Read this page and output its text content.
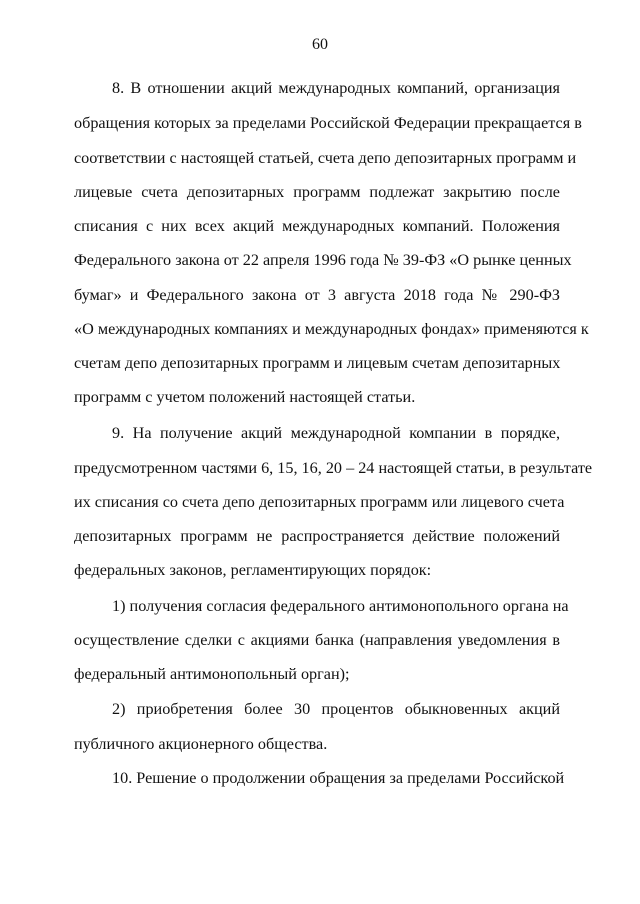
60
8. В отношении акций международных компаний, организация
обращения которых за пределами Российской Федерации прекращается в
соответствии с настоящей статьей, счета депо депозитарных программ и
лицевые счета депозитарных программ подлежат закрытию после
списания с них всех акций международных компаний. Положения
Федерального закона от 22 апреля 1996 года № 39-ФЗ «О рынке ценных
бумаг» и Федерального закона от 3 августа 2018 года № 290-ФЗ
«О международных компаниях и международных фондах» применяются к
счетам депо депозитарных программ и лицевым счетам депозитарных
программ с учетом положений настоящей статьи.
9. На получение акций международной компании в порядке,
предусмотренном частями 6, 15, 16, 20 – 24 настоящей статьи, в результате
их списания со счета депо депозитарных программ или лицевого счета
депозитарных программ не распространяется действие положений
федеральных законов, регламентирующих порядок:
1) получения согласия федерального антимонопольного органа на
осуществление сделки с акциями банка (направления уведомления в
федеральный антимонопольный орган);
2) приобретения более 30 процентов обыкновенных акций
публичного акционерного общества.
10. Решение о продолжении обращения за пределами Российской
